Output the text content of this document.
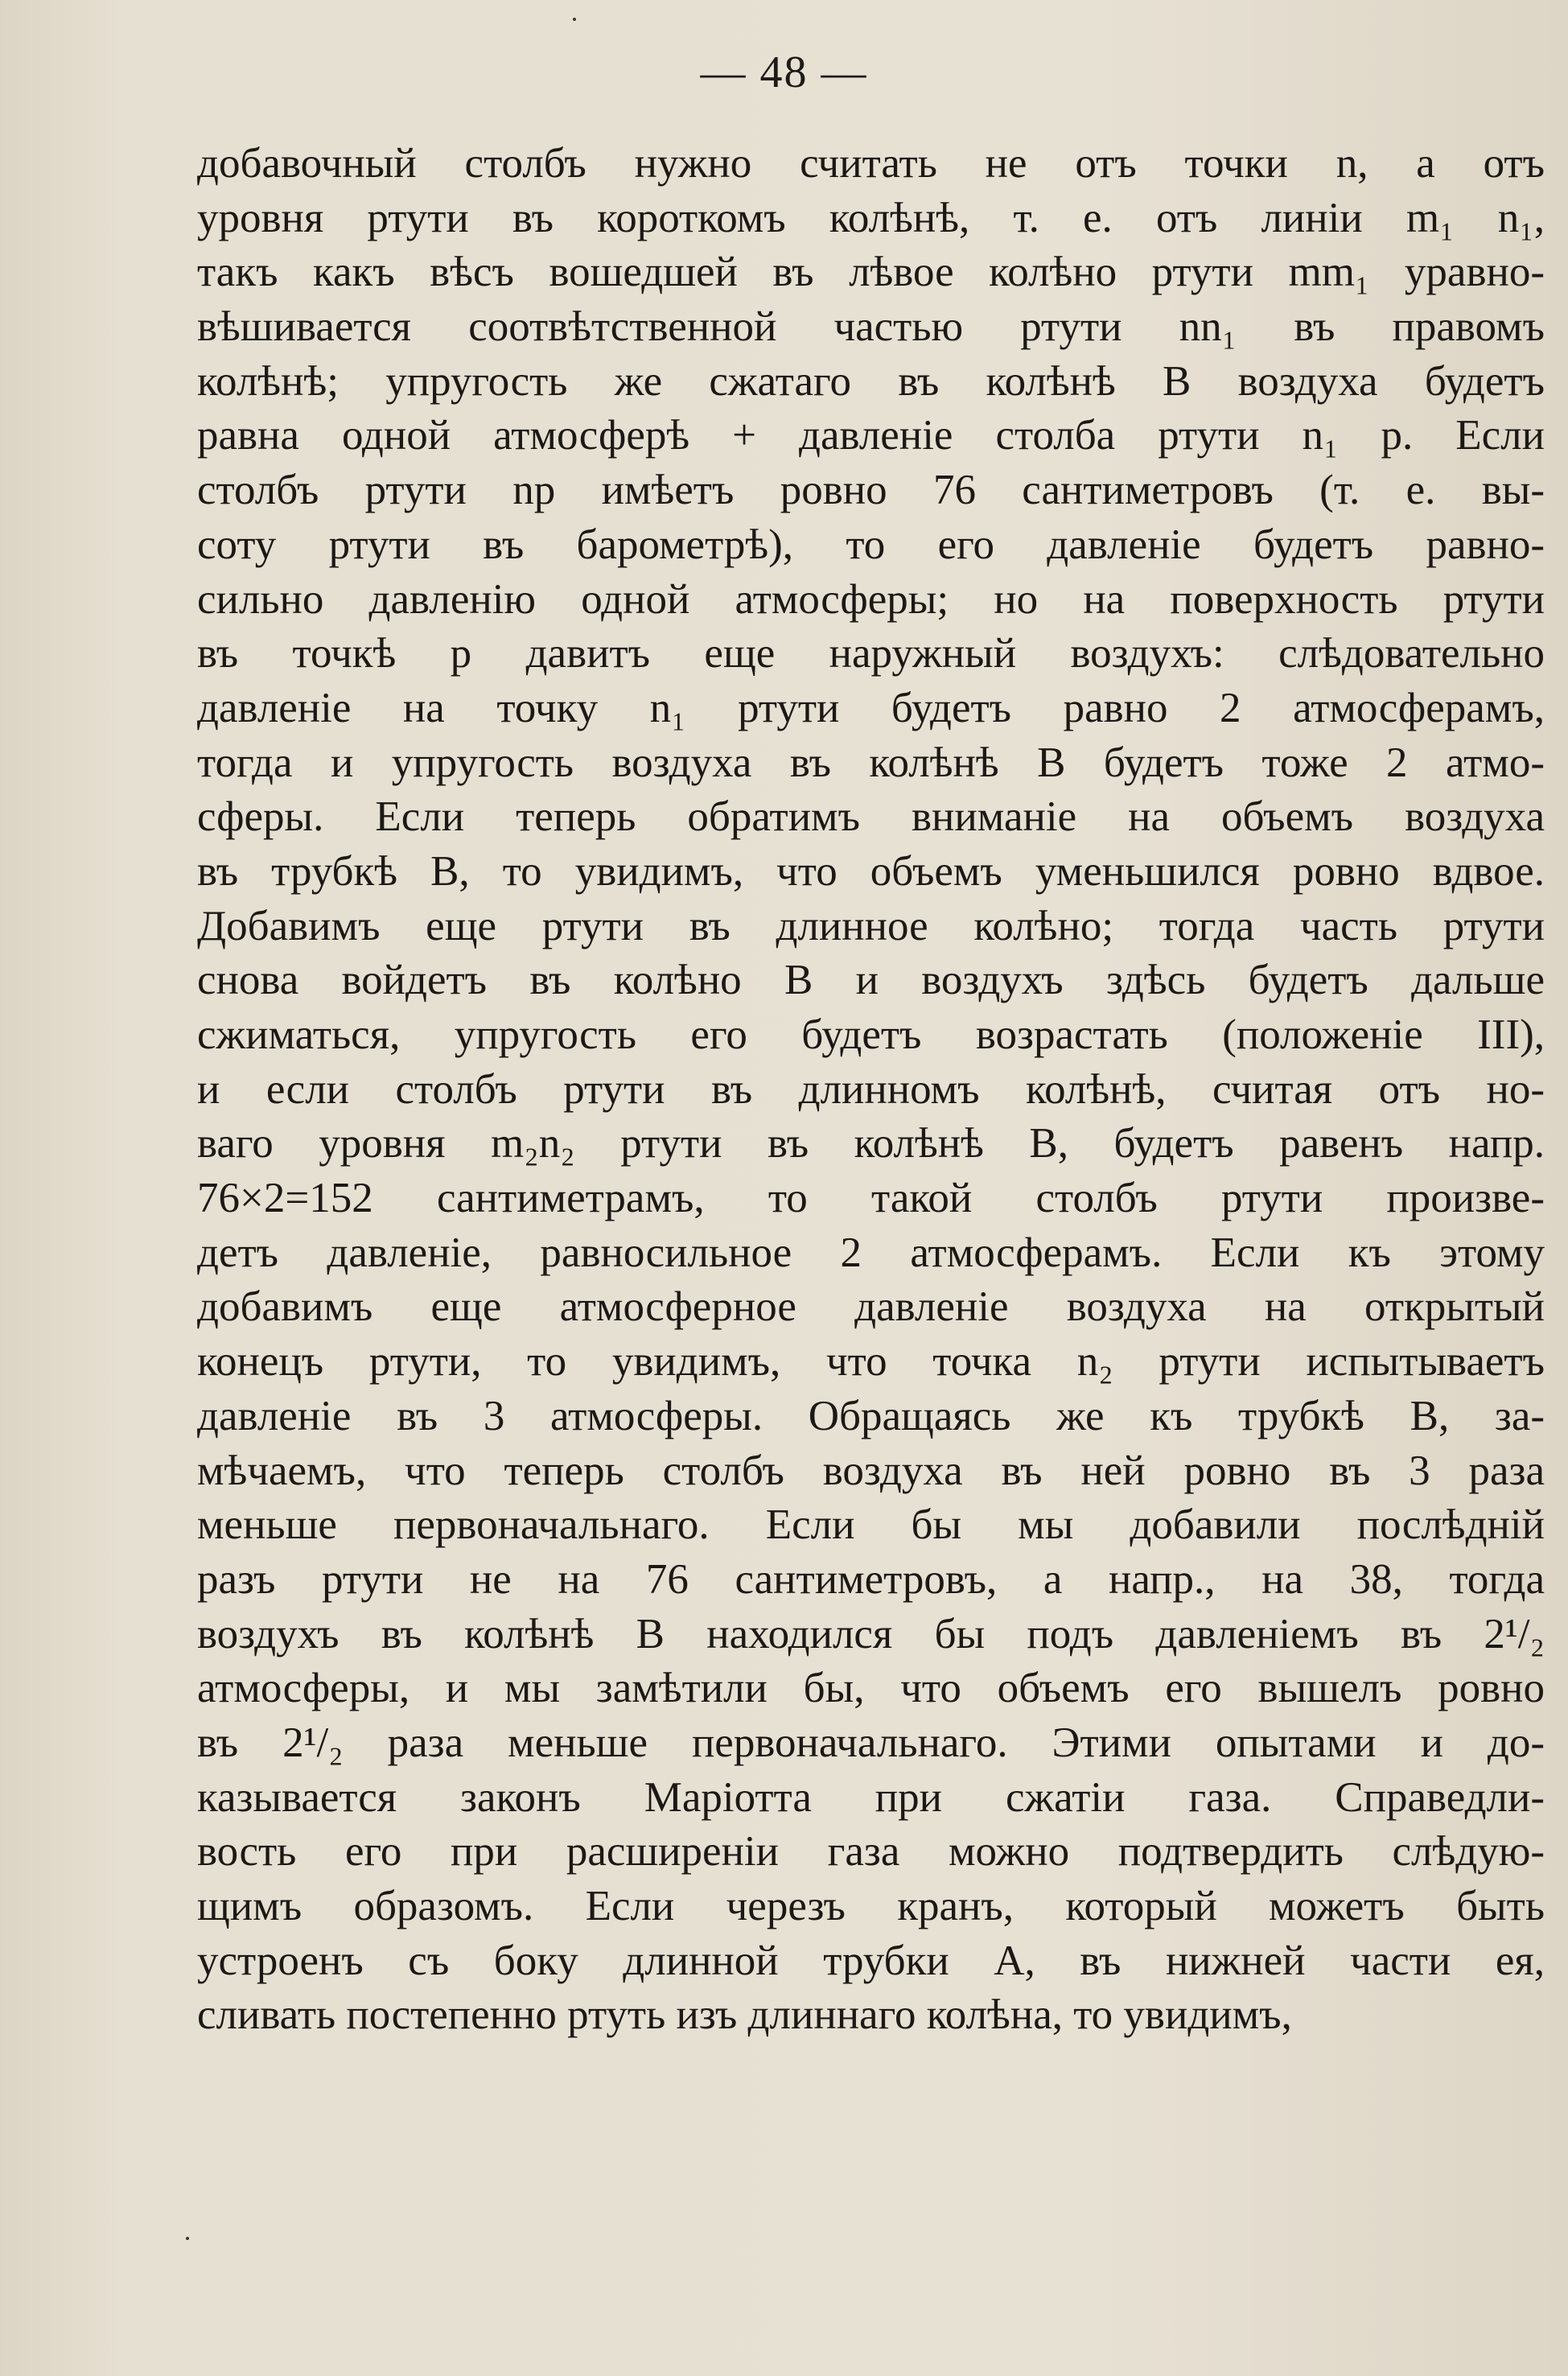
— 48 —
добавочный столбъ нужно считать не отъ точки n, а отъ
уровня ртути въ короткомъ колѣнѣ, т. е. отъ линіи m₁ n₁,
такъ какъ вѣсъ вошедшей въ лѣвое колѣно ртути mm₁ уравно-
вѣшивается соотвѣтственной частью ртути nn₁ въ правомъ
колѣнѣ; упругость же сжатаго въ колѣнѣ B воздуха будетъ
равна одной атмосферѣ + давленіе столба ртути n₁ p. Если
столбъ ртути np имѣетъ ровно 76 сантиметровъ (т. е. вы-
соту ртути въ барометрѣ), то его давленіе будетъ равно-
сильно давленію одной атмосферы; но на поверхность ртути
въ точкѣ p давитъ еще наружный воздухъ: слѣдовательно
давленіе на точку n₁ ртути будетъ равно 2 атмосферамъ,
тогда и упругость воздуха въ колѣнѣ B будетъ тоже 2 атмо-
сферы. Если теперь обратимъ вниманіе на объемъ воздуха
въ трубкѣ B, то увидимъ, что объемъ уменьшился ровно вдвое.
Добавимъ еще ртути въ длинное колѣно; тогда часть ртути
снова войдетъ въ колѣно B и воздухъ здѣсь будетъ дальше
сжиматься, упругость его будетъ возрастать (положеніе III),
и если столбъ ртути въ длинномъ колѣнѣ, считая отъ но-
ваго уровня m₂n₂ ртути въ колѣнѣ B, будетъ равенъ напр.
76×2=152 сантиметрамъ, то такой столбъ ртути произве-
детъ давленіе, равносильное 2 атмосферамъ. Если къ этому
добавимъ еще атмосферное давленіе воздуха на открытый
конецъ ртути, то увидимъ, что точка n₂ ртути испытываетъ
давленіе въ 3 атмосферы. Обращаясь же къ трубкѣ B, за-
мѣчаемъ, что теперь столбъ воздуха въ ней ровно въ 3 раза
меньше первоначальнаго. Если бы мы добавили послѣдній
разъ ртути не на 76 сантиметровъ, а напр., на 38, тогда
воздухъ въ колѣнѣ B находился бы подъ давленіемъ въ 2¹/₂
атмосферы, и мы замѣтили бы, что объемъ его вышелъ ровно
въ 2¹/₂ раза меньше первоначальнаго. Этими опытами и до-
казывается законъ Маріотта при сжатіи газа. Справедли-
вость его при расширеніи газа можно подтвердить слѣдую-
щимъ образомъ. Если черезъ кранъ, который можетъ быть
устроенъ съ боку длинной трубки A, въ нижней части ея,
сливать постепенно ртуть изъ длиннаго колѣна, то увидимъ,
